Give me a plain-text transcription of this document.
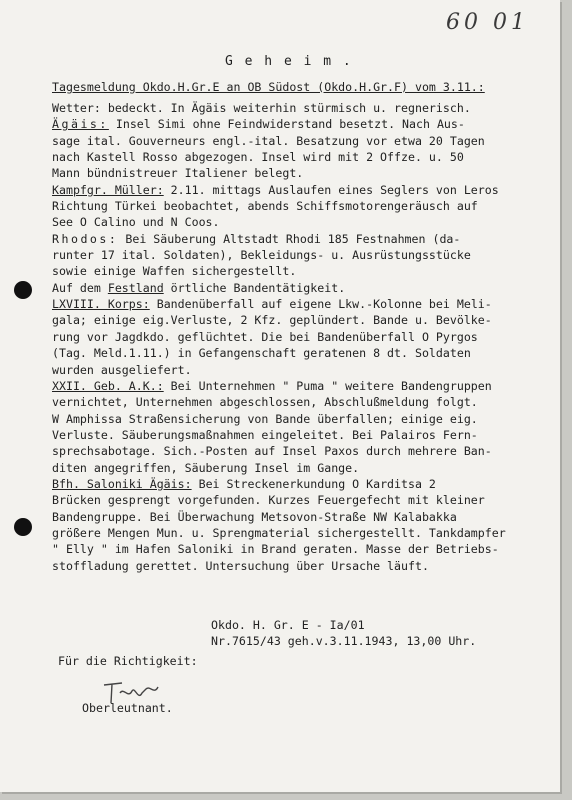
60 01
G e h e i m .
Tagesmeldung Okdo.H.Gr.E an OB Südost (Okdo.H.Gr.F) vom 3.11.:
Wetter: bedeckt. In Ägäis weiterhin stürmisch u. regnerisch.
Ägäis: Insel Simi ohne Feindwiderstand besetzt. Nach Aus-
sage ital. Gouverneurs engl.-ital. Besatzung vor etwa 20 Tagen
nach Kastell Rosso abgezogen. Insel wird mit 2 Offze. u. 50
Mann bündnistreuer Italiener belegt.
Kampfgr. Müller: 2.11. mittags Auslaufen eines Seglers von Leros
Richtung Türkei beobachtet, abends Schiffsmotorengeräusch auf
See O Calino und N Coos.
Rhodos: Bei Säuberung Altstadt Rhodi 185 Festnahmen (da-
runter 17 ital. Soldaten), Bekleidungs- u. Ausrüstungsstücke
sowie einige Waffen sichergestellt.
Auf dem Festland örtliche Bandentätigkeit.
LXVIII. Korps: Bandenüberfall auf eigene Lkw.-Kolonne bei Meli-
gala; einige eig.Verluste, 2 Kfz. geplündert. Bande u. Bevölke-
rung vor Jagdkdo. geflüchtet. Die bei Bandenüberfall O Pyrgos
(Tag. Meld.1.11.) in Gefangenschaft geratenen 8 dt. Soldaten
wurden ausgeliefert.
XXII. Geb. A.K.: Bei Unternehmen " Puma " weitere Bandengruppen
vernichtet, Unternehmen abgeschlossen, Abschlußmeldung folgt.
W Amphissa Straßensicherung von Bande überfallen; einige eig.
Verluste. Säuberungsmaßnahmen eingeleitet. Bei Palairos Fern-
sprechsabotage. Sich.-Posten auf Insel Paxos durch mehrere Ban-
diten angegriffen, Säuberung Insel im Gange.
Bfh. Saloniki Ägäis: Bei Streckenerkundung O Karditsa 2
Brücken gesprengt vorgefunden. Kurzes Feuergefecht mit kleiner
Bandengruppe. Bei Überwachung Metsovon-Straße NW Kalabakka
größere Mengen Mun. u. Sprengmaterial sichergestellt. Tankdampfer
" Elly " im Hafen Saloniki in Brand geraten. Masse der Betriebs-
stoffladung gerettet. Untersuchung über Ursache läuft.
Okdo. H. Gr. E - Ia/01
Nr.7615/43 geh.v.3.11.1943, 13,00 Uhr.
Für die Richtigkeit:
Oberleutnant.
